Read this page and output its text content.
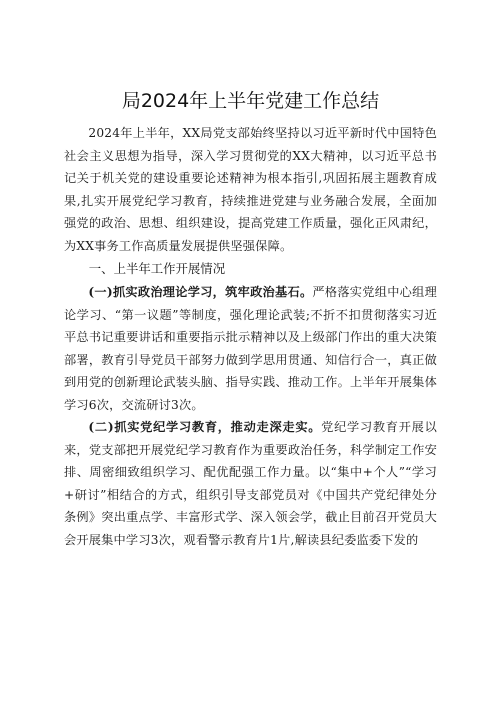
局2024年上半年党建工作总结

2024年上半年，XX局党支部始终坚持以习近平新时代中国特色社会主义思想为指导，深入学习贯彻党的XX大精神，以习近平总书记关于机关党的建设重要论述精神为根本指引,巩固拓展主题教育成果,扎实开展党纪学习教育，持续推进党建与业务融合发展，全面加强党的政治、思想、组织建设，提高党建工作质量，强化正风肃纪，为XX事务工作高质量发展提供坚强保障。

一、上半年工作开展情况

(一)抓实政治理论学习，筑牢政治基石。严格落实党组中心组理论学习、“第一议题”等制度，强化理论武装;不折不扣贯彻落实习近平总书记重要讲话和重要指示批示精神以及上级部门作出的重大决策部署，教育引导党员干部努力做到学思用贯通、知信行合一，真正做到用党的创新理论武装头脑、指导实践、推动工作。上半年开展集体学习6次，交流研讨3次。

(二)抓实党纪学习教育，推动走深走实。党纪学习教育开展以来，党支部把开展党纪学习教育作为重要政治任务，科学制定工作安排、周密细致组织学习、配优配强工作力量。以“集中+个人”“学习+研讨”相结合的方式，组织引导支部党员对《中国共产党纪律处分条例》突出重点学、丰富形式学、深入领会学，截止目前召开党员大会开展集中学习3次，观看警示教育片1片,解读县纪委监委下发的
